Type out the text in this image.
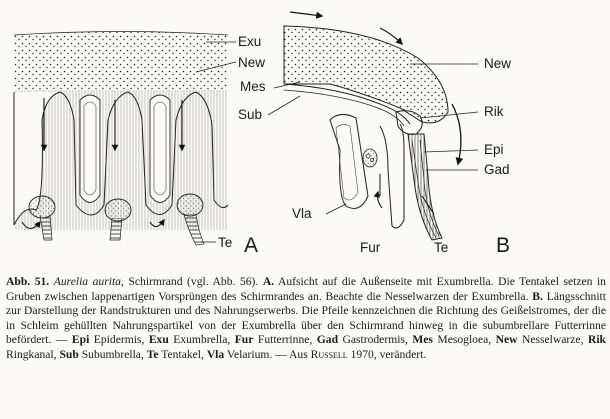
Exu
New
Te A
New
Mes
Sub	Rik
Epi
Gad
Vla
Fur	Te B
Abb. 51. Aurelia aurita, Schirmrand (vgl. Abb. 56). A. Aufsicht auf die Außenseite mit Exumbrella. Die Tentakel setzen in Gruben zwischen lappenartigen Vorsprüngen des Schirmrandes an. Beachte die Nesselwarzen der Exumbrella. B. Längsschnitt zur Darstellung der Randstrukturen und des Nahrungserwerbs. Die Pfeile kennzeichnen die Richtung des Geißelstromes, der die in Schleim gehüllten Nahrungspartikel von der Exumbrella über den Schirmrand hinweg in die subumbrellare Futterrinne befördert. — Epi Epidermis, Exu Exumbrella, Fur Futterrinne, Gad Gastrodermis, Mes Mesogloea, New Nesselwarze, Rik Ringkanal, Sub Subumbrella, Te Tentakel, Vla Velarium. — Aus Russell 1970, verändert.
